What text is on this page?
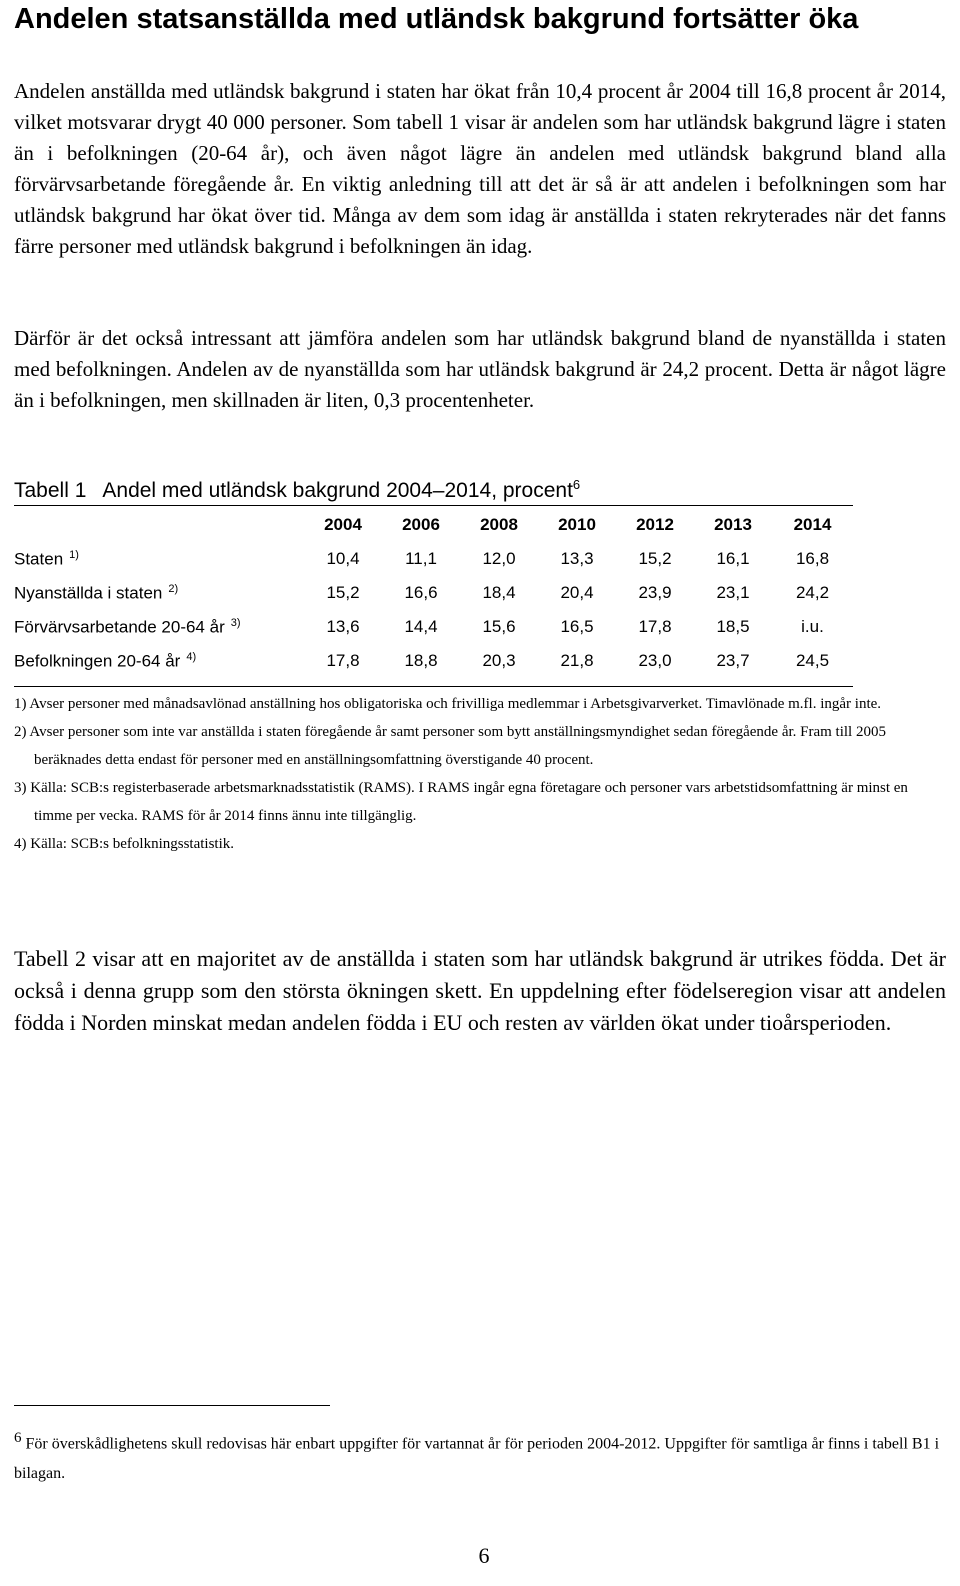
Andelen statsanställda med utländsk bakgrund fortsätter öka

Andelen anställda med utländsk bakgrund i staten har ökat från 10,4 procent år 2004 till 16,8 procent år 2014, vilket motsvarar drygt 40 000 personer. Som tabell 1 visar är andelen som har utländsk bakgrund lägre i staten än i befolkningen (20-64 år), och även något lägre än andelen med utländsk bakgrund bland alla förvärvsarbetande föregående år. En viktig anledning till att det är så är att andelen i befolkningen som har utländsk bakgrund har ökat över tid. Många av dem som idag är anställda i staten rekryterades när det fanns färre personer med utländsk bakgrund i befolkningen än idag.

Därför är det också intressant att jämföra andelen som har utländsk bakgrund bland de nyanställda i staten med befolkningen. Andelen av de nyanställda som har utländsk bakgrund är 24,2 procent. Detta är något lägre än i befolkningen, men skillnaden är liten, 0,3 procentenheter.

Tabell 1 Andel med utländsk bakgrund 2004–2014, procent$^6$
	2004	2006	2008	2010	2012	2013	2014
Staten $^{1)}$	10,4	11,1	12,0	13,3	15,2	16,1	16,8
Nyanställda i staten $^{2)}$	15,2	16,6	18,4	20,4	23,9	23,1	24,2
Förvärvsarbetande 20-64 år $^{3)}$	13,6	14,4	15,6	16,5	17,8	18,5	i.u.
Befolkningen 20-64 år $^{4)}$	17,8	18,8	20,3	21,8	23,0	23,7	24,5
1) Avser personer med månadsavlönad anställning hos obligatoriska och frivilliga medlemmar i Arbetsgivarverket. Timavlönade m.fl. ingår inte.
2) Avser personer som inte var anställda i staten föregående år samt personer som bytt anställningsmyndighet sedan föregående år. Fram till 2005 beräknades detta endast för personer med en anställningsomfattning överstigande 40 procent.
3) Källa: SCB:s registerbaserade arbetsmarknadsstatistik (RAMS). I RAMS ingår egna företagare och personer vars arbetstidsomfattning är minst en timme per vecka. RAMS för år 2014 finns ännu inte tillgänglig.
4) Källa: SCB:s befolkningsstatistik.

Tabell 2 visar att en majoritet av de anställda i staten som har utländsk bakgrund är utrikes födda. Det är också i denna grupp som den största ökningen skett. En uppdelning efter födelseregion visar att andelen födda i Norden minskat medan andelen födda i EU och resten av världen ökat under tioårsperioden.

6 För överskådlighetens skull redovisas här enbart uppgifter för vartannat år för perioden 2004-2012. Uppgifter för samtliga år finns i tabell B1 i bilagan.
6
